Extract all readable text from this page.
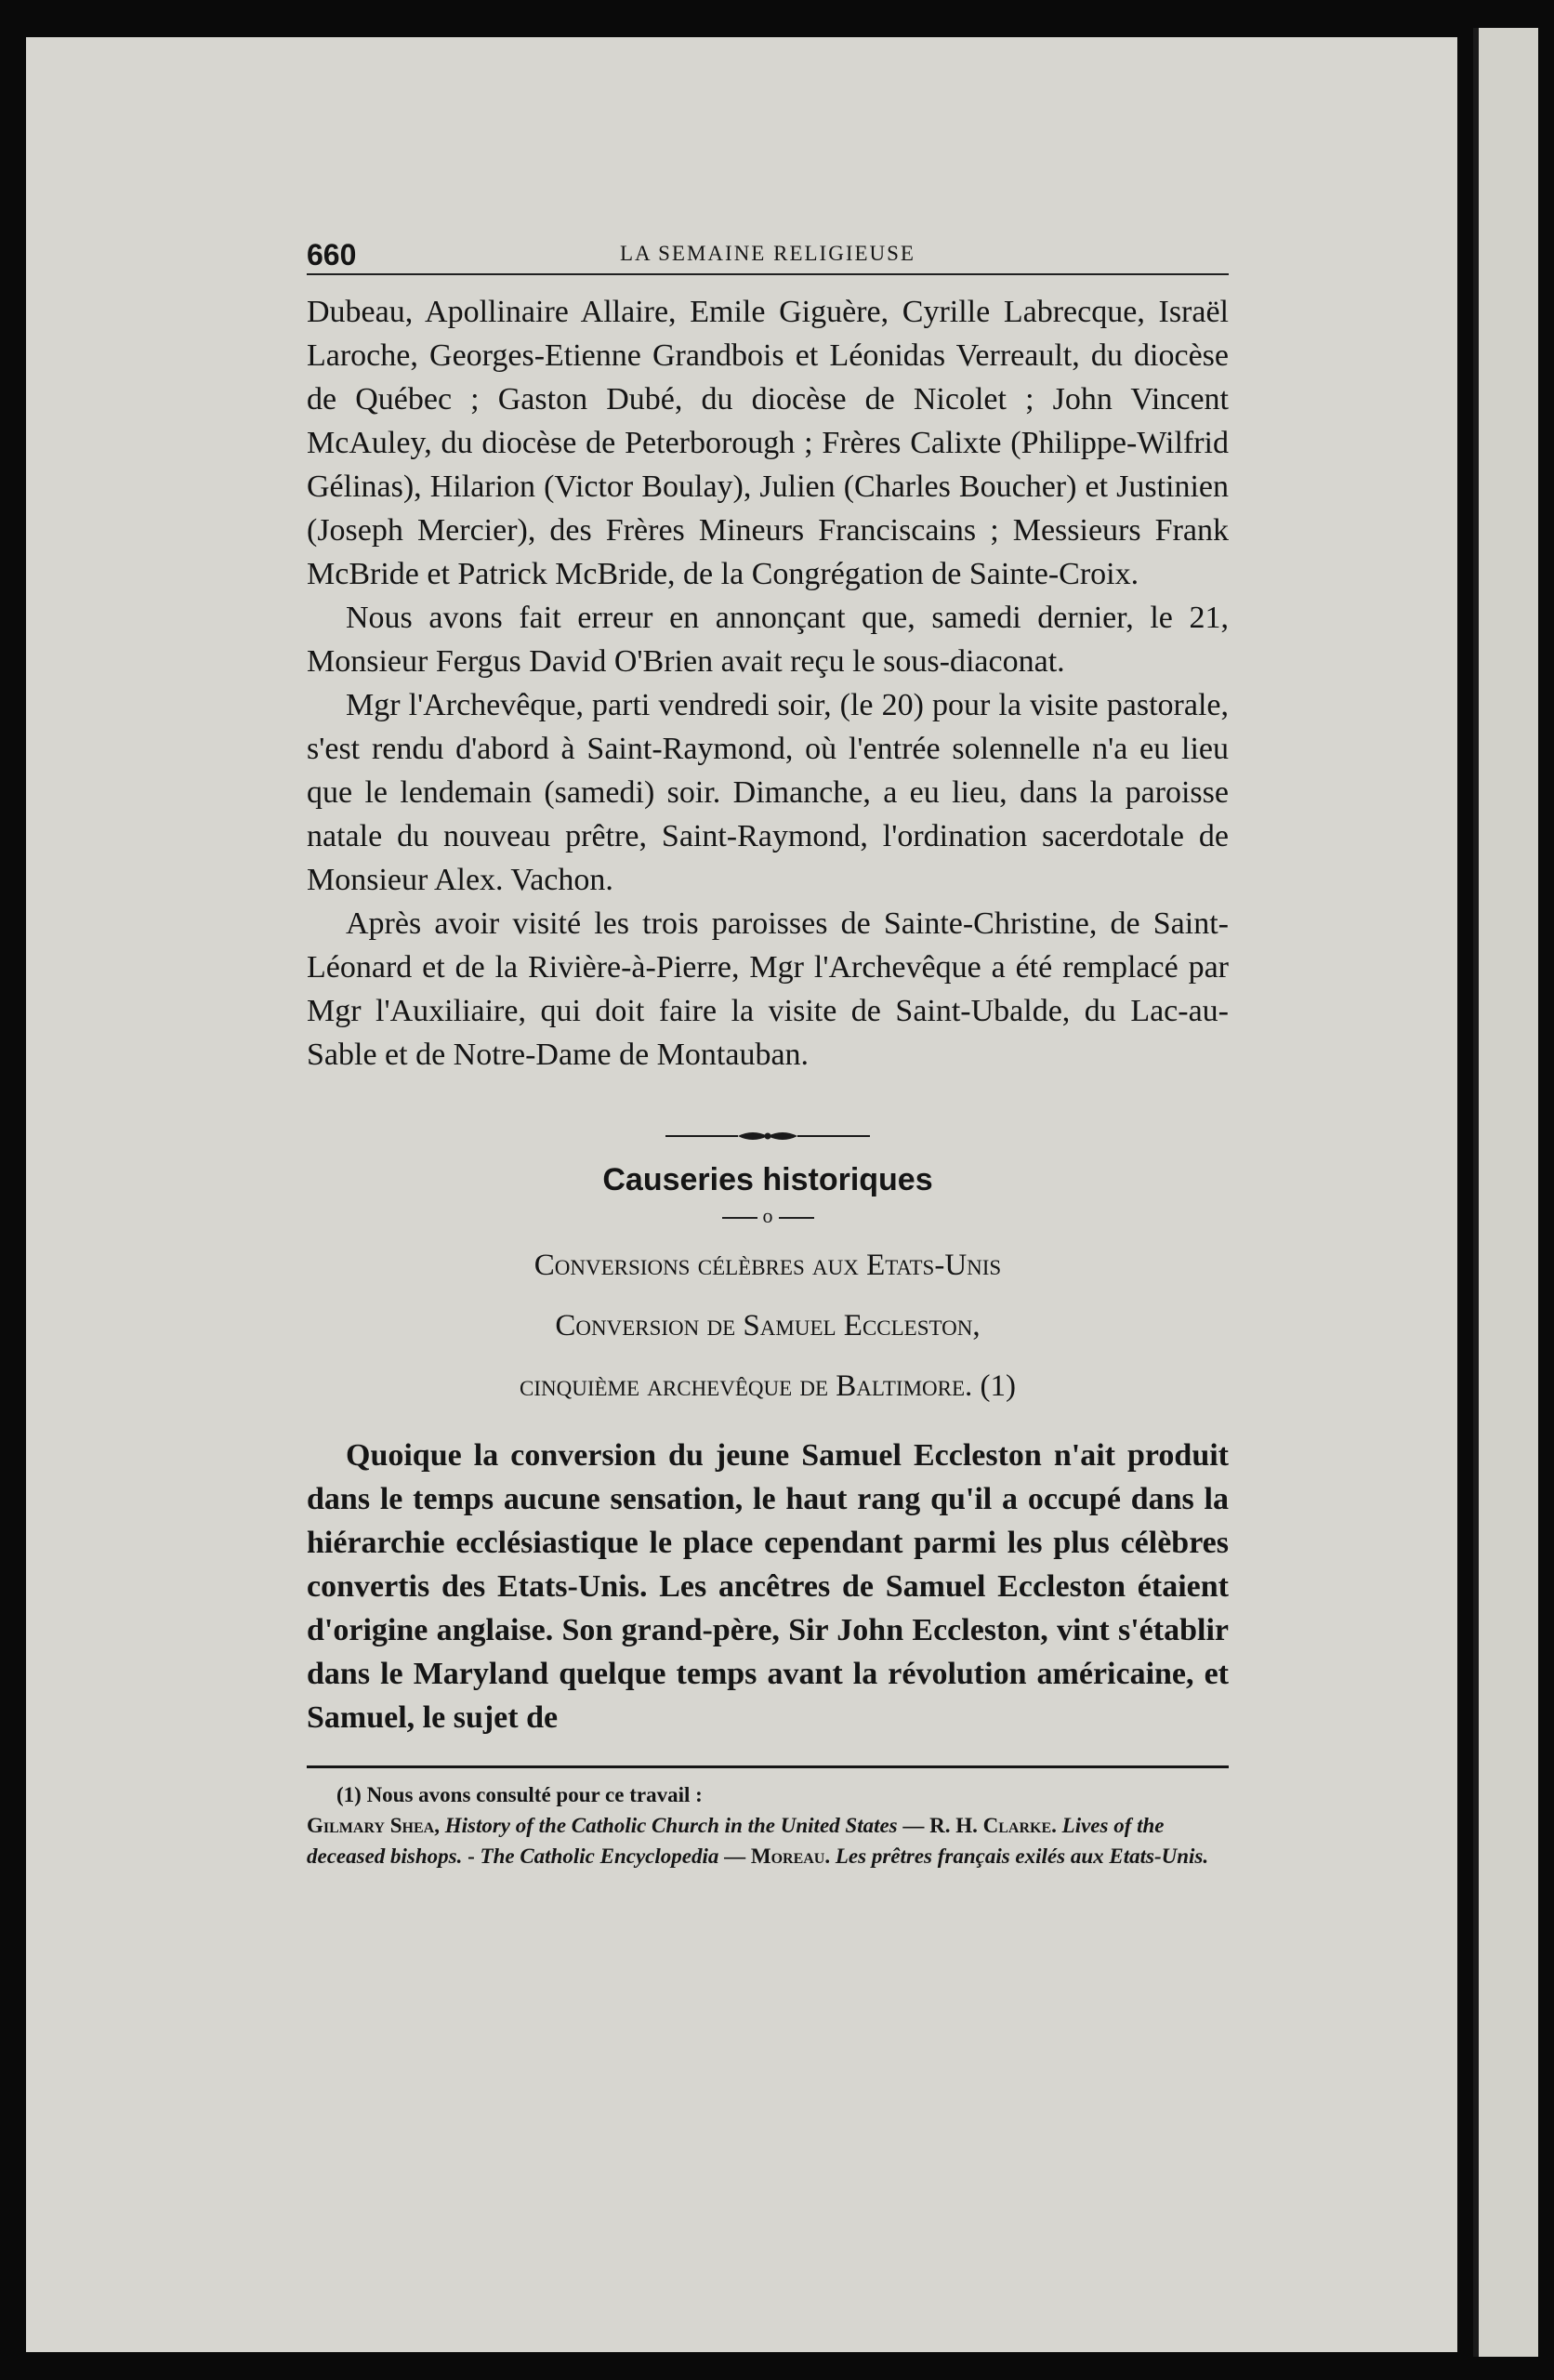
660	LA SEMAINE RELIGIEUSE

Dubeau, Apollinaire Allaire, Emile Giguère, Cyrille Labrecque, Israël Laroche, Georges-Etienne Grandbois et Léonidas Verreault, du diocèse de Québec ; Gaston Dubé, du diocèse de Nicolet ; John Vincent McAuley, du diocèse de Peterborough ; Frères Calixte (Philippe-Wilfrid Gélinas), Hilarion (Victor Boulay), Julien (Charles Boucher) et Justinien (Joseph Mercier), des Frères Mineurs Franciscains ; Messieurs Frank McBride et Patrick McBride, de la Congrégation de Sainte-Croix.

Nous avons fait erreur en annonçant que, samedi dernier, le 21, Monsieur Fergus David O'Brien avait reçu le sous-diaconat.

Mgr l'Archevêque, parti vendredi soir, (le 20) pour la visite pastorale, s'est rendu d'abord à Saint-Raymond, où l'entrée solennelle n'a eu lieu que le lendemain (samedi) soir. Dimanche, a eu lieu, dans la paroisse natale du nouveau prêtre, Saint-Raymond, l'ordination sacerdotale de Monsieur Alex. Vachon.

Après avoir visité les trois paroisses de Sainte-Christine, de Saint-Léonard et de la Rivière-à-Pierre, Mgr l'Archevêque a été remplacé par Mgr l'Auxiliaire, qui doit faire la visite de Saint-Ubalde, du Lac-au-Sable et de Notre-Dame de Montauban.

Causeries historiques
o
Conversions célèbres aux Etats-Unis
Conversion de Samuel Eccleston,
cinquième archevêque de Baltimore. (1)

Quoique la conversion du jeune Samuel Eccleston n'ait produit dans le temps aucune sensation, le haut rang qu'il a occupé dans la hiérarchie ecclésiastique le place cependant parmi les plus célèbres convertis des Etats-Unis. Les ancêtres de Samuel Eccleston étaient d'origine anglaise. Son grand-père, Sir John Eccleston, vint s'établir dans le Maryland quelque temps avant la révolution américaine, et Samuel, le sujet de

(1) Nous avons consulté pour ce travail :
Gilmary Shea, History of the Catholic Church in the United States — R. H. Clarke. Lives of the deceased bishops. - The Catholic Encyclopedia — Moreau. Les prêtres français exilés aux Etats-Unis.
